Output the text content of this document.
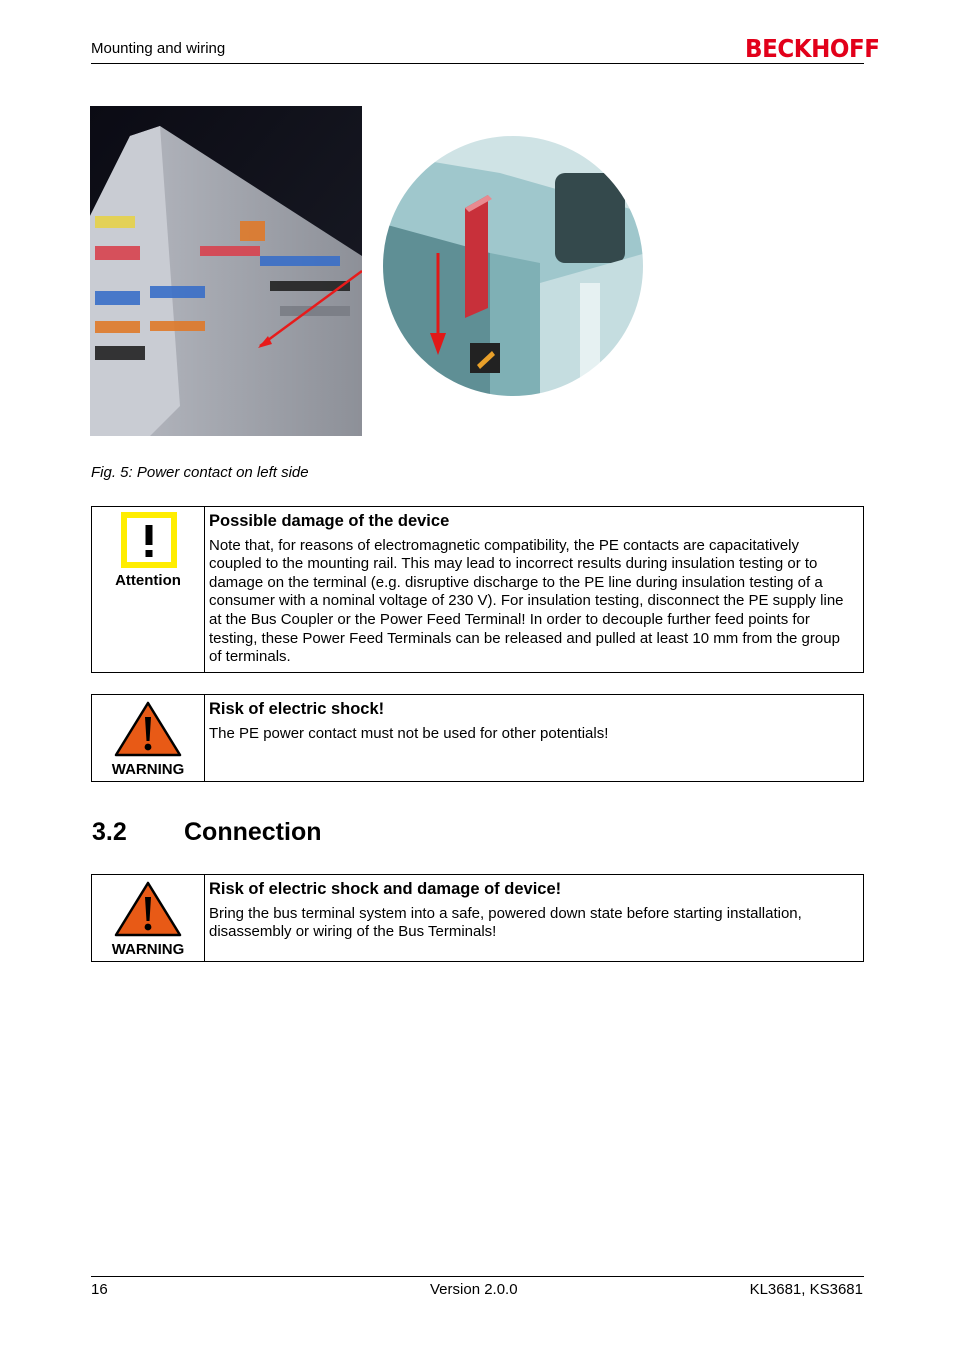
Mounting and wiring	BECKHOFF
Fig. 5: Power contact on left side
Attention
Possible damage of the device
Note that, for reasons of electromagnetic compatibility, the PE contacts are capacitatively coupled to the mounting rail. This may lead to incorrect results during insulation testing or to damage on the terminal (e.g. disruptive discharge to the PE line during insulation testing of a consumer with a nominal voltage of 230 V). For insulation testing, disconnect the PE supply line at the Bus Coupler or the Power Feed Terminal! In order to decouple further feed points for testing, these Power Feed Terminals can be released and pulled at least 10 mm from the group of terminals.
WARNING
Risk of electric shock!
The PE power contact must not be used for other potentials!
3.2 Connection
WARNING
Risk of electric shock and damage of device!
Bring the bus terminal system into a safe, powered down state before starting installation, disassembly or wiring of the Bus Terminals!
16	Version 2.0.0	KL3681, KS3681
